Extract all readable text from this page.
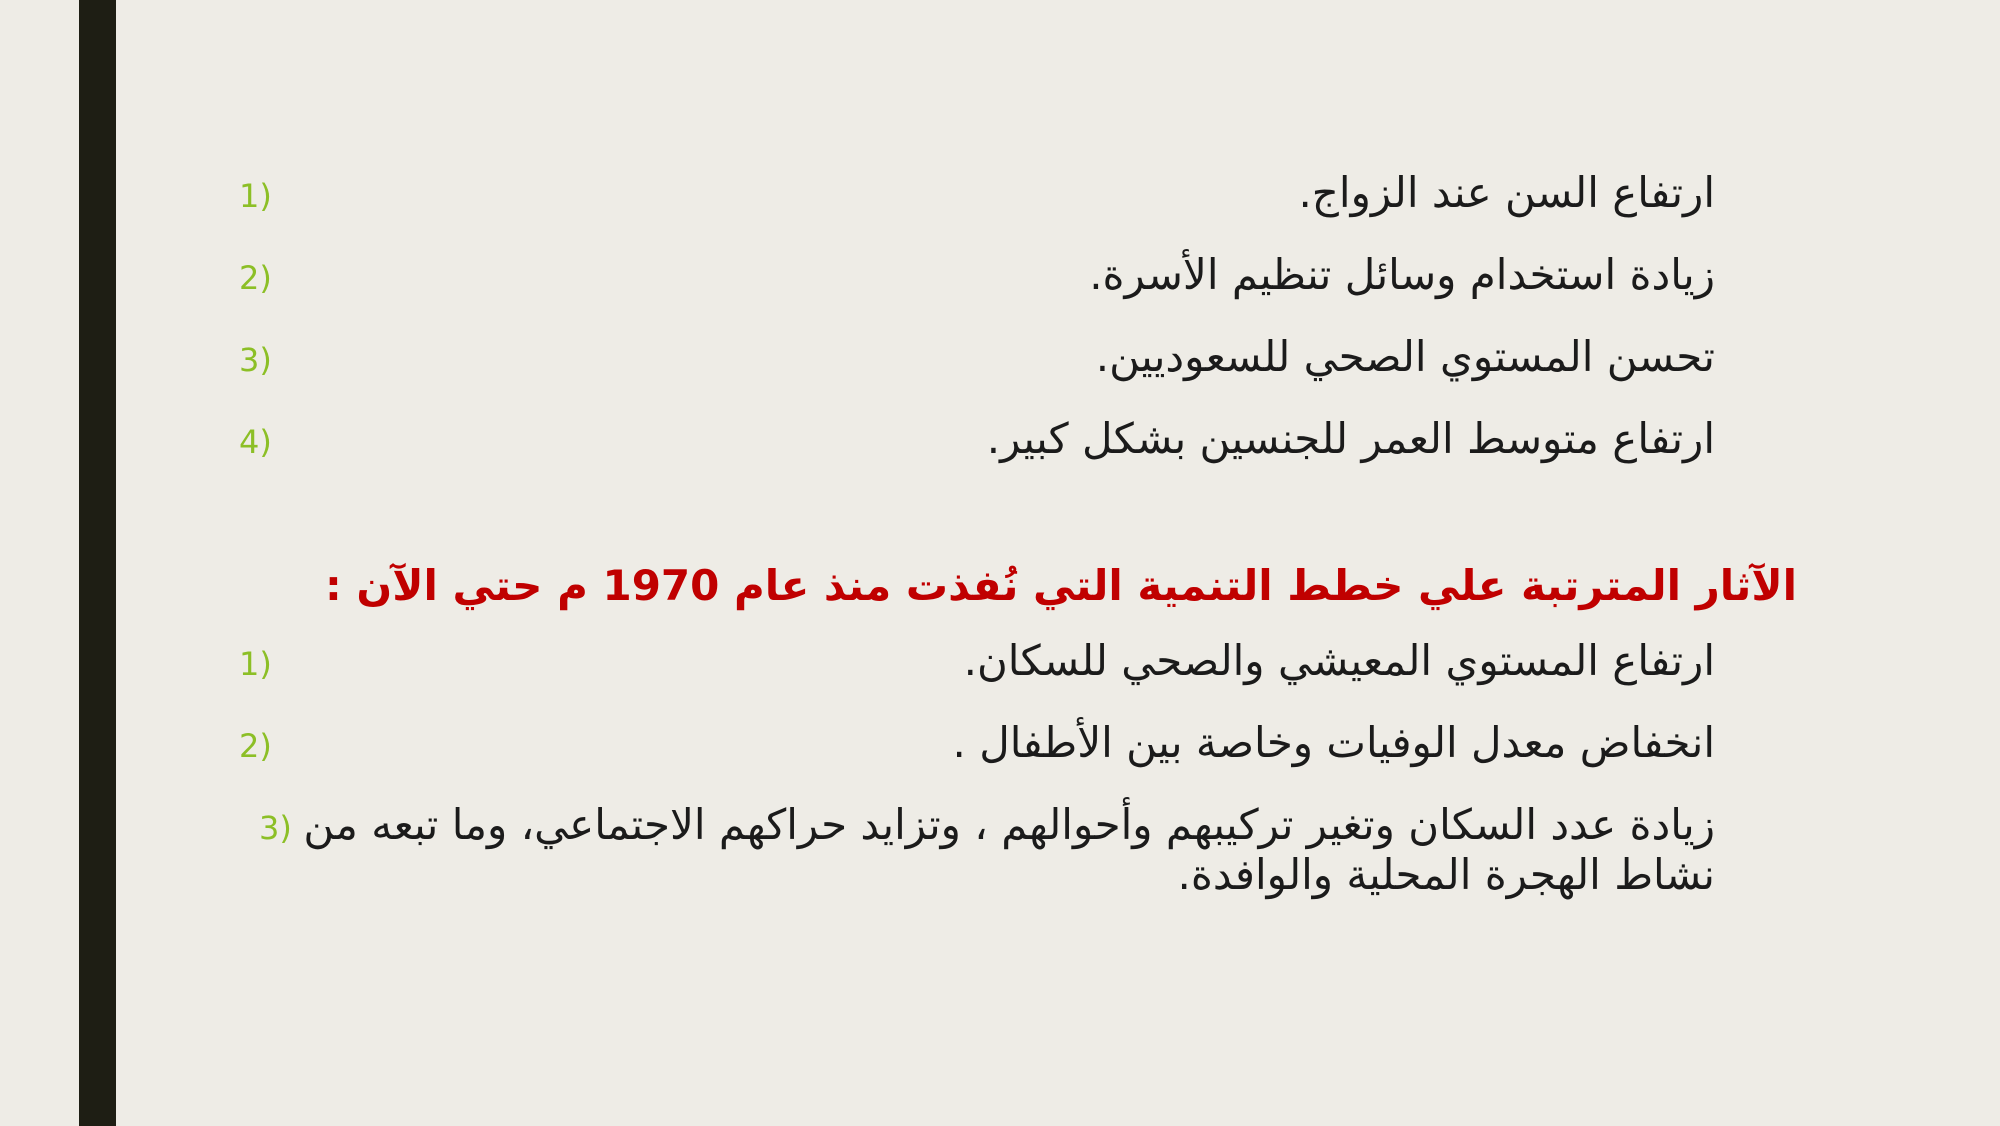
ارتفاع السن عند الزواج.
1)
زيادة استخدام وسائل تنظيم الأسرة.
2)
تحسن المستوي الصحي للسعوديين.
3)
ارتفاع متوسط العمر للجنسين بشكل كبير.
4)
الآثار المترتبة علي خطط التنمية التي نُفذت منذ عام 1970 م حتي الآن :
ارتفاع المستوي المعيشي والصحي للسكان.
1)
انخفاض معدل الوفيات وخاصة بين الأطفال .
2)
زيادة عدد السكان وتغير تركيبهم وأحوالهم ، وتزايد حراكهم الاجتماعي، وما تبعه من نشاط الهجرة المحلية والوافدة.
3)
